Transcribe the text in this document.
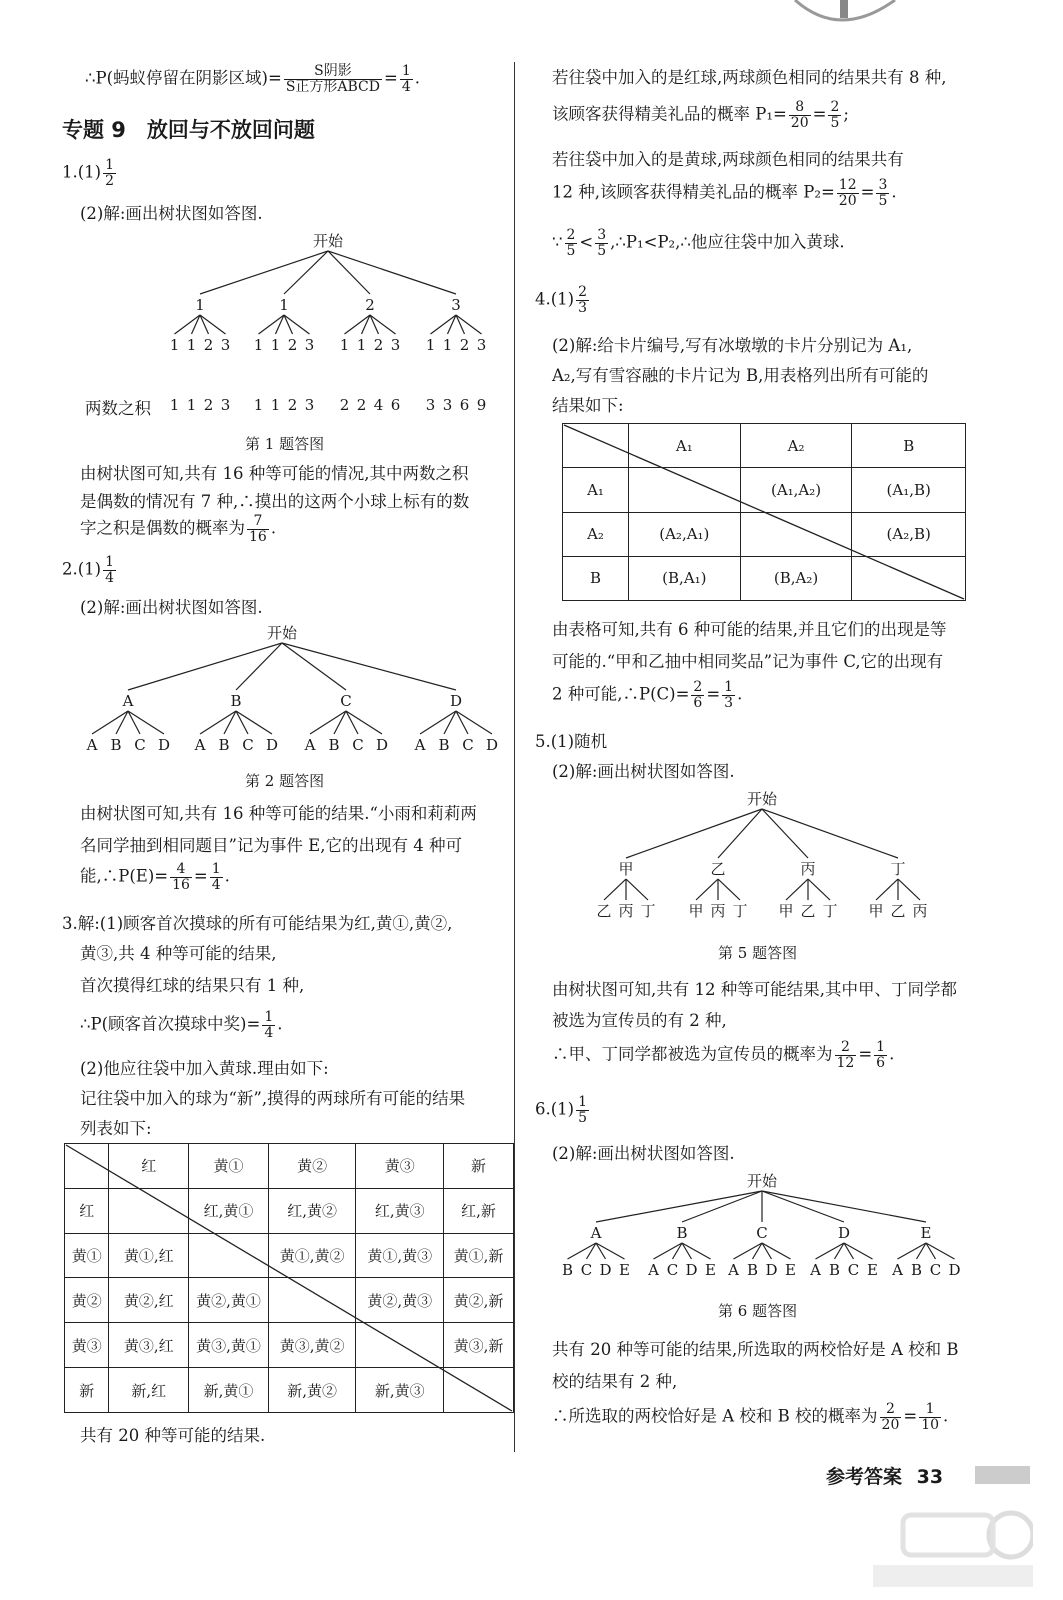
∴P(蚂蚁停留在阴影区域)= $\frac{\text{S阴影}}{\text{S正方形ABCD}} = \frac{1}{4}$ .
专题 9　放回与不放回问题
$1.(1) \frac{1}{2}$
(2)解:画出树状图如答图.
开始
1
1 1 2 3
1
1 1 2 3
2
1 1 2 3
3
1 1 2 3
两数之积 1 1 2 3 1 1 2 3 2 2 4 6 3 3 6 9
第 1 题答图
由树状图可知,共有 16 种等可能的情况,其中两数之积
是偶数的情况有 7 种,∴摸出的这两个小球上标有的数
字之积是偶数的概率为 $\frac{7}{16}$ .
$2.(1) \frac{1}{4}$
(2)解:画出树状图如答图.
开始
A
A B C D
B
A B C D
C
A B C D
D
A B C D
第 2 题答图
由树状图可知,共有 16 种等可能的结果.“小雨和莉莉两
名同学抽到相同题目”记为事件 E,它的出现有 4 种可
能,∴P(E)= $\frac{4}{16} = \frac{1}{4}$ .
3.解:(1)顾客首次摸球的所有可能结果为红,黄①,黄②,
黄③,共 4 种等可能的结果,
首次摸得红球的结果只有 1 种,
∴P(顾客首次摸球中奖)= $\frac{1}{4}$ .
(2)他应往袋中加入黄球.理由如下:
记往袋中加入的球为“新”,摸得的两球所有可能的结果
列表如下:
	红	黄①	黄②	黄③	新
红		红,黄①	红,黄②	红,黄③	红,新
黄①	黄①,红		黄①,黄②	黄①,黄③	黄①,新
黄②	黄②,红	黄②,黄①		黄②,黄③	黄②,新
黄③	黄③,红	黄③,黄①	黄③,黄②		黄③,新
新	新,红	新,黄①	新,黄②	新,黄③	
共有 20 种等可能的结果.
若往袋中加入的是红球,两球颜色相同的结果共有 8 种,
该顾客获得精美礼品的概率 $P_1= \frac{8}{20} = \frac{2}{5}$ ;
若往袋中加入的是黄球,两球颜色相同的结果共有
12 种,该顾客获得精美礼品的概率 $P_2= \frac{12}{20} = \frac{3}{5}$ .
∵ $\frac{2}{5} < \frac{3}{5}$ ,∴P₁<P₂,∴他应往袋中加入黄球.
$4.(1) \frac{2}{3}$
(2)解:给卡片编号,写有冰墩墩的卡片分别记为 A₁,
A₂,写有雪容融的卡片记为 B,用表格列出所有可能的
结果如下:
	A₁	A₂	B
A₁		(A₁,A₂)	(A₁,B)
A₂	(A₂,A₁)		(A₂,B)
B	(B,A₁)	(B,A₂)	
由表格可知,共有 6 种可能的结果,并且它们的出现是等
可能的.“甲和乙抽中相同奖品”记为事件 C,它的出现有
2 种可能,∴P(C)= $\frac{2}{6} = \frac{1}{3}$ .
5.(1)随机
(2)解:画出树状图如答图.
开始
甲
乙 丙 丁
乙
甲 丙 丁
丙
甲 乙 丁
丁
甲 乙 丙
第 5 题答图
由树状图可知,共有 12 种等可能结果,其中甲、丁同学都
被选为宣传员的有 2 种,
∴甲、丁同学都被选为宣传员的概率为 $\frac{2}{12} = \frac{1}{6}$ .
$6.(1) \frac{1}{5}$
(2)解:画出树状图如答图.
开始
A
B C D E
B
A C D E
C
A B D E
D
A B C E
E
A B C D
第 6 题答图
共有 20 种等可能的结果,所选取的两校恰好是 A 校和 B
校的结果有 2 种,
∴所选取的两校恰好是 A 校和 B 校的概率为 $\frac{2}{20} = \frac{1}{10}$ .
参考答案 33
